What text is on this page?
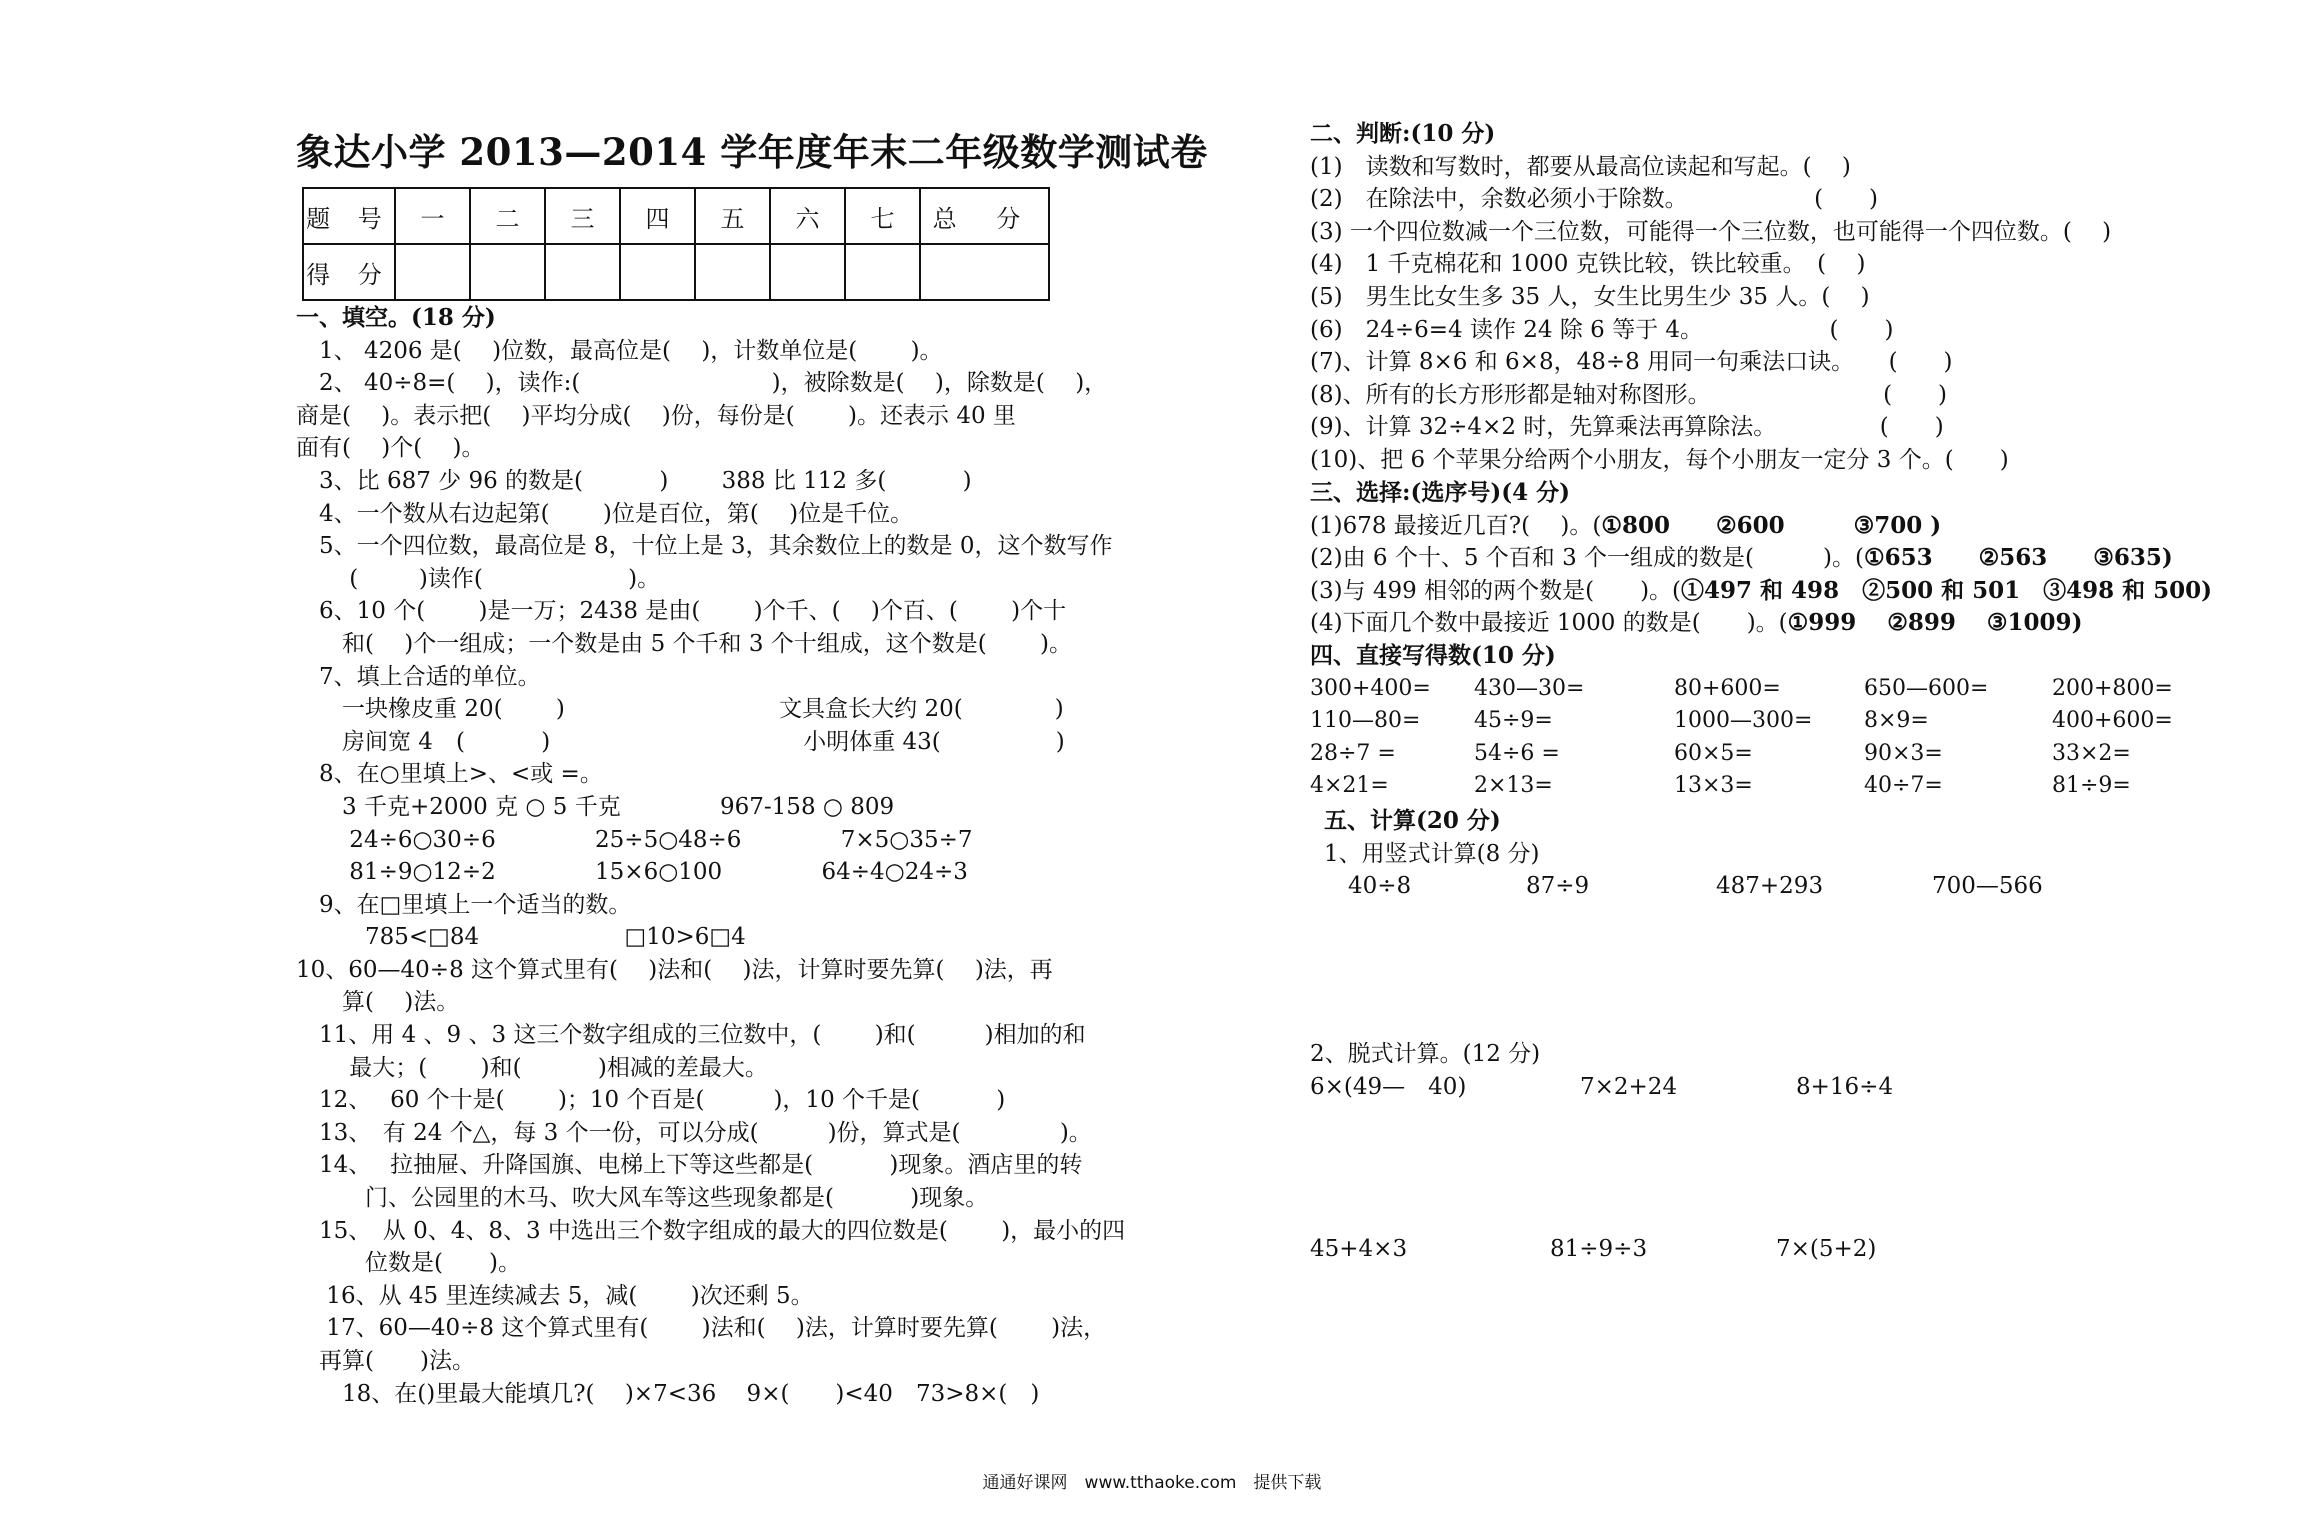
象达小学 2013—2014 学年度年末二年级数学测试卷
题 号	一	二	三	四	五	六	七	总 分
得 分								
一、填空。(18 分)
　1、 4206 是(　 )位数，最高位是(　 )，计数单位是(　 　)。
　2、 40÷8=(　 )，读作:(　　　　　　　　 )，被除数是(　 )，除数是(　 )，
商是(　 )。表示把(　 )平均分成(　 )份，每份是(　 　)。还表示 40 里
面有(　 )个(　 )。
　3、比 687 少 96 的数是(　　　 )　　 388 比 112 多(　　　 )
　4、一个数从右边起第(　　 )位是百位，第(　 )位是千位。
　5、一个四位数，最高位是 8，十位上是 3，其余数位上的数是 0，这个数写作
　　 (　 　 )读作(　　　　　 　)。
　6、10 个(　　 )是一万；2438 是由(　 　)个千、(　 )个百、(　　 )个十
　　和(　 )个一组成；一个数是由 5 个千和 3 个十组成，这个数是(　　 )。
　7、填上合适的单位。
　　一块橡皮重 20(　　 )　　　　　　　　　 文具盒长大约 20(　　　　)
　　房间宽 4　(　　　 )　　　　　　　　　　　小明体重 43(　　　　　)
　8、在○里填上>、<或 =。
　　3 千克+2000 克 ○ 5 千克　　　　 967-158 ○ 809
　　 24÷6○30÷6　　　　 25÷5○48÷6　　　　 7×5○35÷7
　　 81÷9○12÷2　　　　 15×6○100　　　　 64÷4○24÷3
　9、在□里填上一个适当的数。
　　　785<□84　　　　　　 □10>6□4
10、60—40÷8 这个算式里有(　 )法和(　 )法，计算时要先算(　 )法，再
　　算(　 )法。
　11、用 4 、9 、3 这三个数字组成的三位数中，(　　 )和(　　　)相加的和
　　 最大；(　　 )和(　　　 )相减的差最大。
　12、　 60 个十是(　　 )；10 个百是(　　　)，10 个千是(　　　 )
　13、　有 24 个△，每 3 个一份，可以分成(　　　)份，算式是(　　　　 )。
　14、　 拉抽屉、升降国旗、电梯上下等这些都是(　　　 )现象。酒店里的转
　　　门、公园里的木马、吹大风车等这些现象都是(　　　 )现象。
　15、　从 0、4、8、3 中选出三个数字组成的最大的四位数是(　　 )，最小的四
　　　位数是(　　)。
　 16、从 45 里连续减去 5，减(　　 )次还剩 5。
　 17、60—40÷8 这个算式里有(　　 )法和(　 )法，计算时要先算(　　 )法，
　再算(　　)法。
　　18、在()里最大能填几?(　 )×7<36　 9×(　　)<40　73>8×(　)
二、判断:(10 分)
(1)　读数和写数时，都要从最高位读起和写起。(　 )
(2)　在除法中，余数必须小于除数。　　　　　　(　　)
(3) 一个四位数减一个三位数，可能得一个三位数，也可能得一个四位数。(　 )
(4)　1 千克棉花和 1000 克铁比较，铁比较重。　(　 )
(5)　男生比女生多 35 人，女生比男生少 35 人。(　 )
(6)　24÷6=4 读作 24 除 6 等于 4。　　　　　　(　　)
(7)、计算 8×6 和 6×8，48÷8 用同一句乘法口诀。　　(　　)
(8)、所有的长方形形都是轴对称图形。　　　　　　　　(　　)
(9)、计算 32÷4×2 时，先算乘法再算除法。　　　　　(　　)
(10)、把 6 个苹果分给两个小朋友，每个小朋友一定分 3 个。(　　)
三、选择:(选序号)(4 分)
(1)678 最接近几百?(　 )。(①800　　②600　　　③700 )
(2)由 6 个十、5 个百和 3 个一组成的数是(　　　)。(①653　　②563　　③635)
(3)与 499 相邻的两个数是(　　)。(①497 和 498　②500 和 501　③498 和 500)
(4)下面几个数中最接近 1000 的数是(　　)。(①999　 ②899　 ③1009)
四、直接写得数(10 分)
300+400=	430—30=	80+600=	650—600=	200+800=
110—80=	45÷9=	1000—300=	8×9=	400+600=
28÷7 =	54÷6 =	60×5=	90×3=	33×2=
4×21=	2×13=	13×3=	40÷7=	81÷9=
五、计算(20 分)
1、用竖式计算(8 分)
40÷8	87÷9	487+293	700—566
2、脱式计算。(12 分)
6×(49—　40)	7×2+24	8+16÷4
45+4×3	81÷9÷3	7×(5+2)
通通好课网　www.tthaoke.com　提供下载
